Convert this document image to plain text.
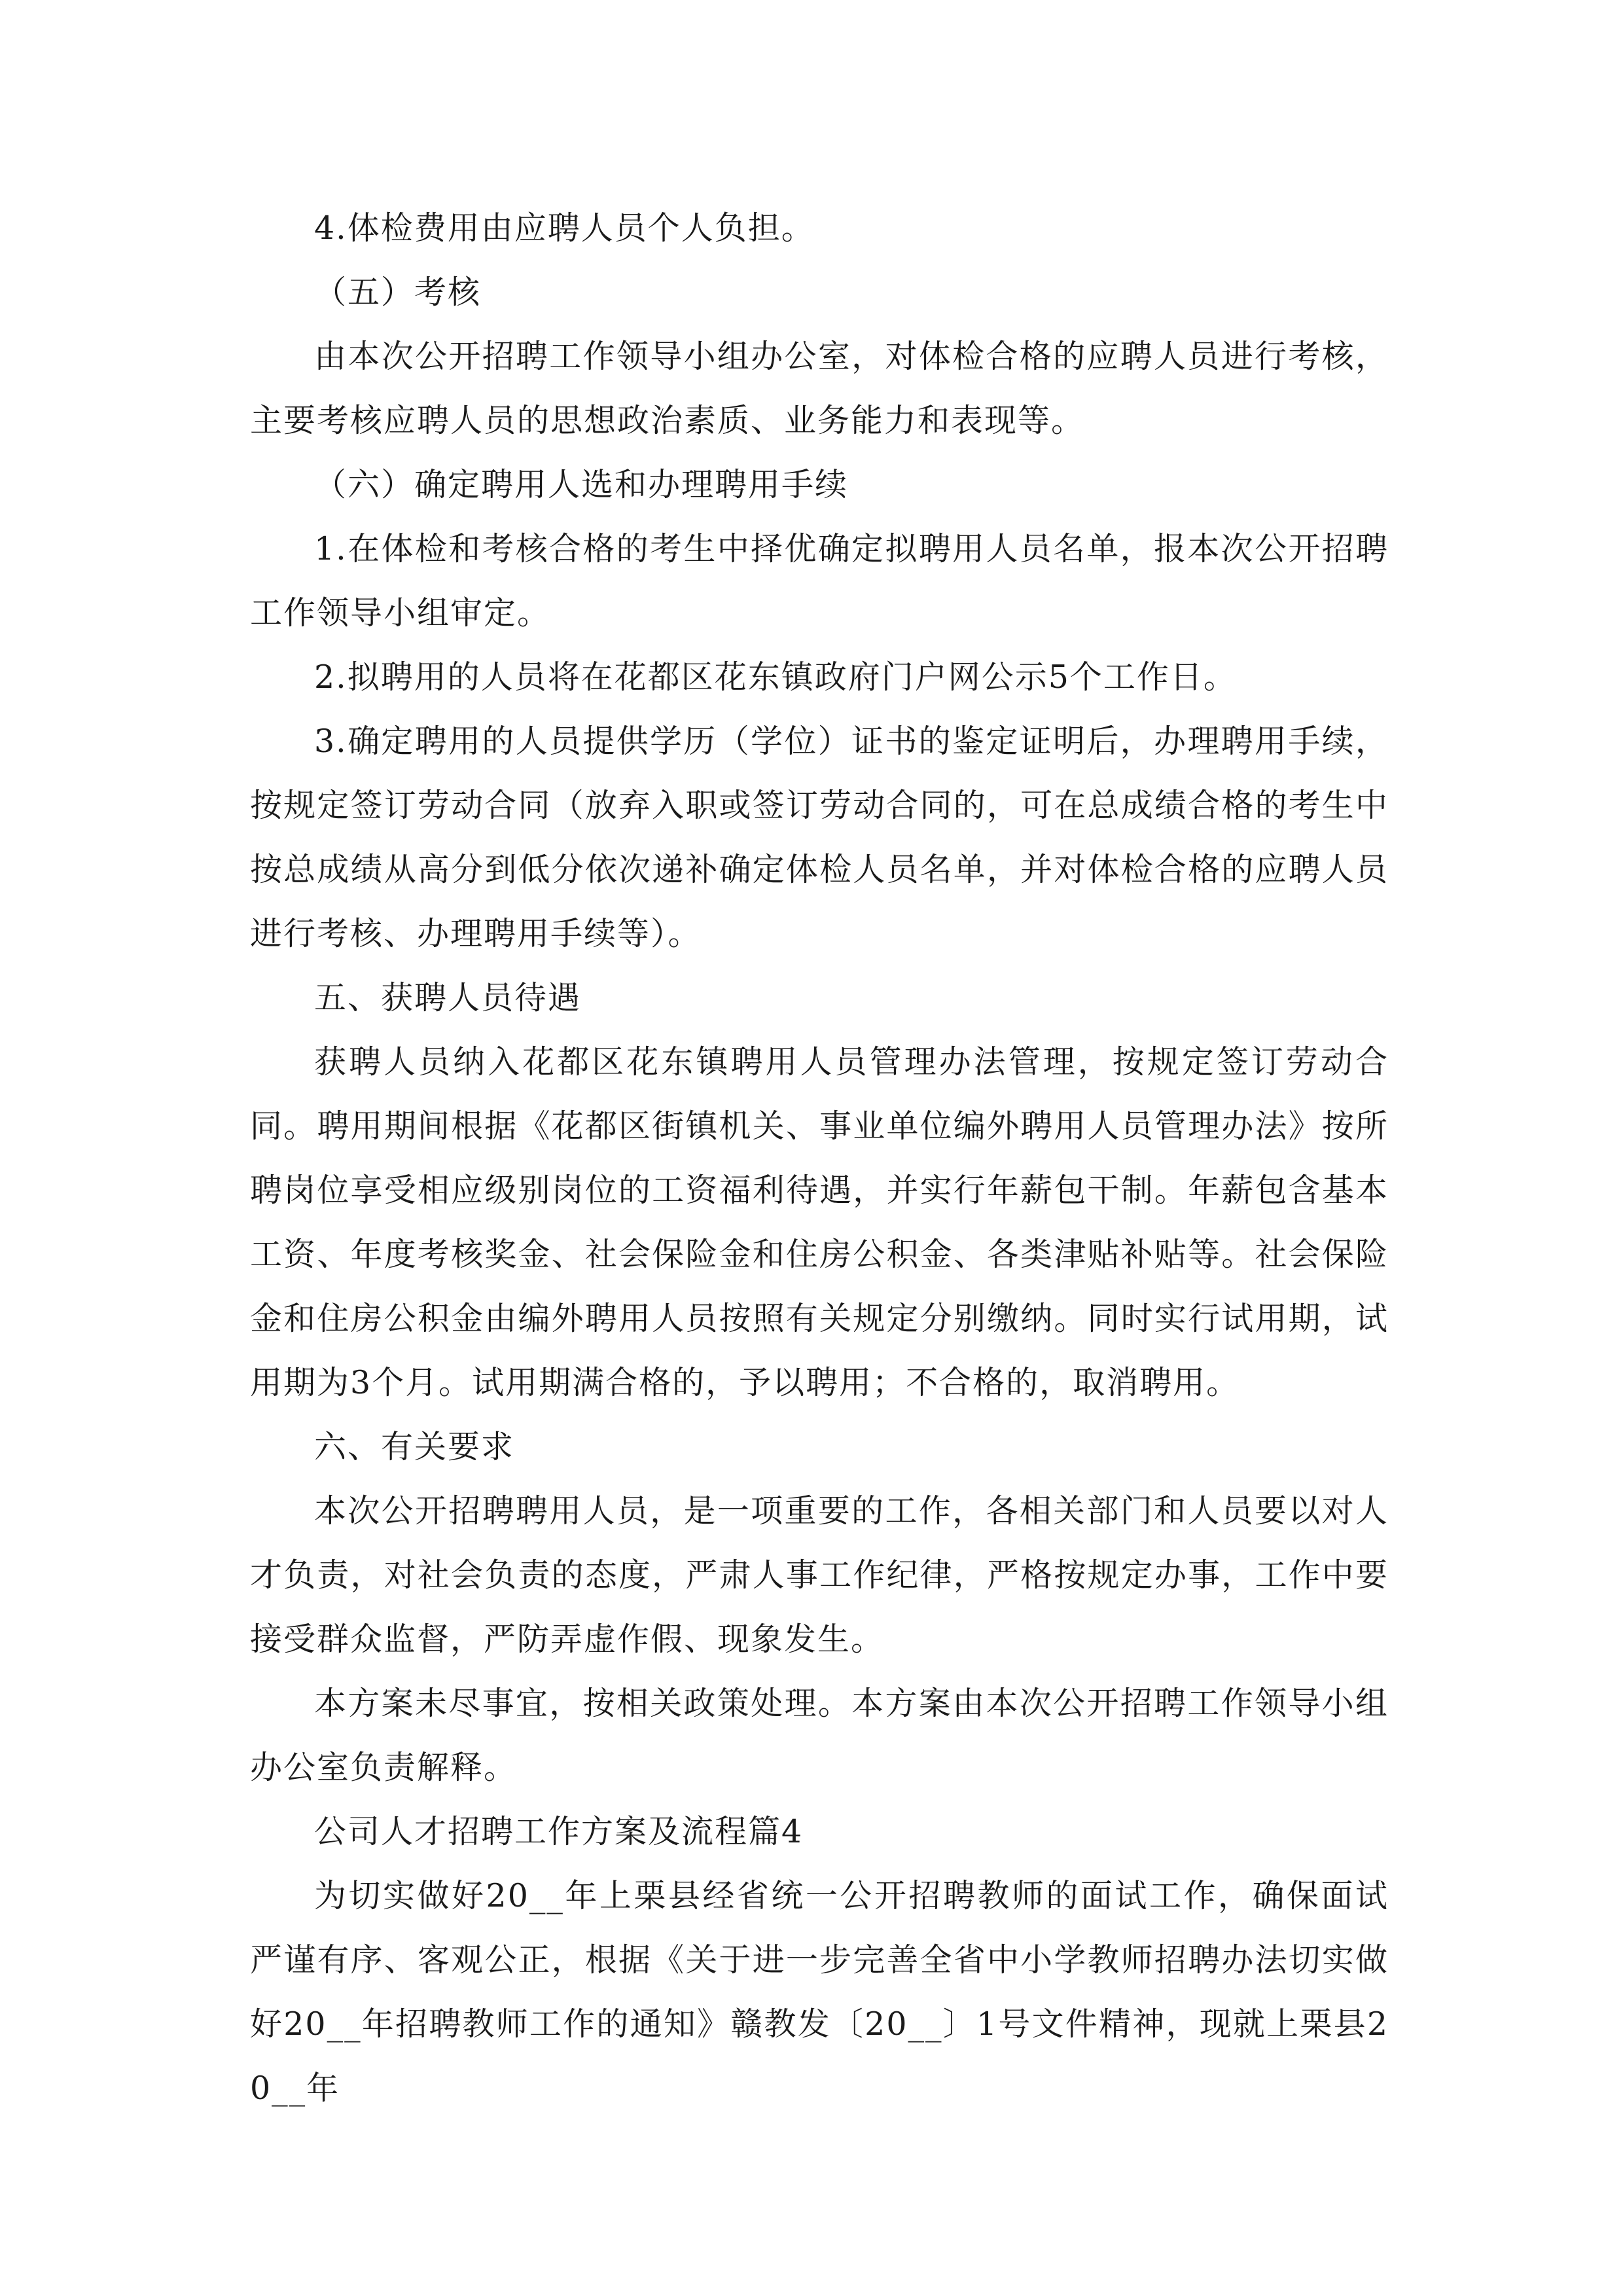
4.体检费用由应聘人员个人负担。

（五）考核

由本次公开招聘工作领导小组办公室，对体检合格的应聘人员进行考核，主要考核应聘人员的思想政治素质、业务能力和表现等。

（六）确定聘用人选和办理聘用手续

1.在体检和考核合格的考生中择优确定拟聘用人员名单，报本次公开招聘工作领导小组审定。

2.拟聘用的人员将在花都区花东镇政府门户网公示5个工作日。

3.确定聘用的人员提供学历（学位）证书的鉴定证明后，办理聘用手续，按规定签订劳动合同（放弃入职或签订劳动合同的，可在总成绩合格的考生中按总成绩从高分到低分依次递补确定体检人员名单，并对体检合格的应聘人员进行考核、办理聘用手续等）。

五、获聘人员待遇

获聘人员纳入花都区花东镇聘用人员管理办法管理，按规定签订劳动合同。聘用期间根据《花都区街镇机关、事业单位编外聘用人员管理办法》按所聘岗位享受相应级别岗位的工资福利待遇，并实行年薪包干制。年薪包含基本工资、年度考核奖金、社会保险金和住房公积金、各类津贴补贴等。社会保险金和住房公积金由编外聘用人员按照有关规定分别缴纳。同时实行试用期，试用期为3个月。试用期满合格的，予以聘用；不合格的，取消聘用。

六、有关要求

本次公开招聘聘用人员，是一项重要的工作，各相关部门和人员要以对人才负责，对社会负责的态度，严肃人事工作纪律，严格按规定办事，工作中要接受群众监督，严防弄虚作假、现象发生。

本方案未尽事宜，按相关政策处理。本方案由本次公开招聘工作领导小组办公室负责解释。

公司人才招聘工作方案及流程篇4

为切实做好20__年上栗县经省统一公开招聘教师的面试工作，确保面试严谨有序、客观公正，根据《关于进一步完善全省中小学教师招聘办法切实做好20__年招聘教师工作的通知》赣教发〔20__〕1号文件精神，现就上栗县20__年
